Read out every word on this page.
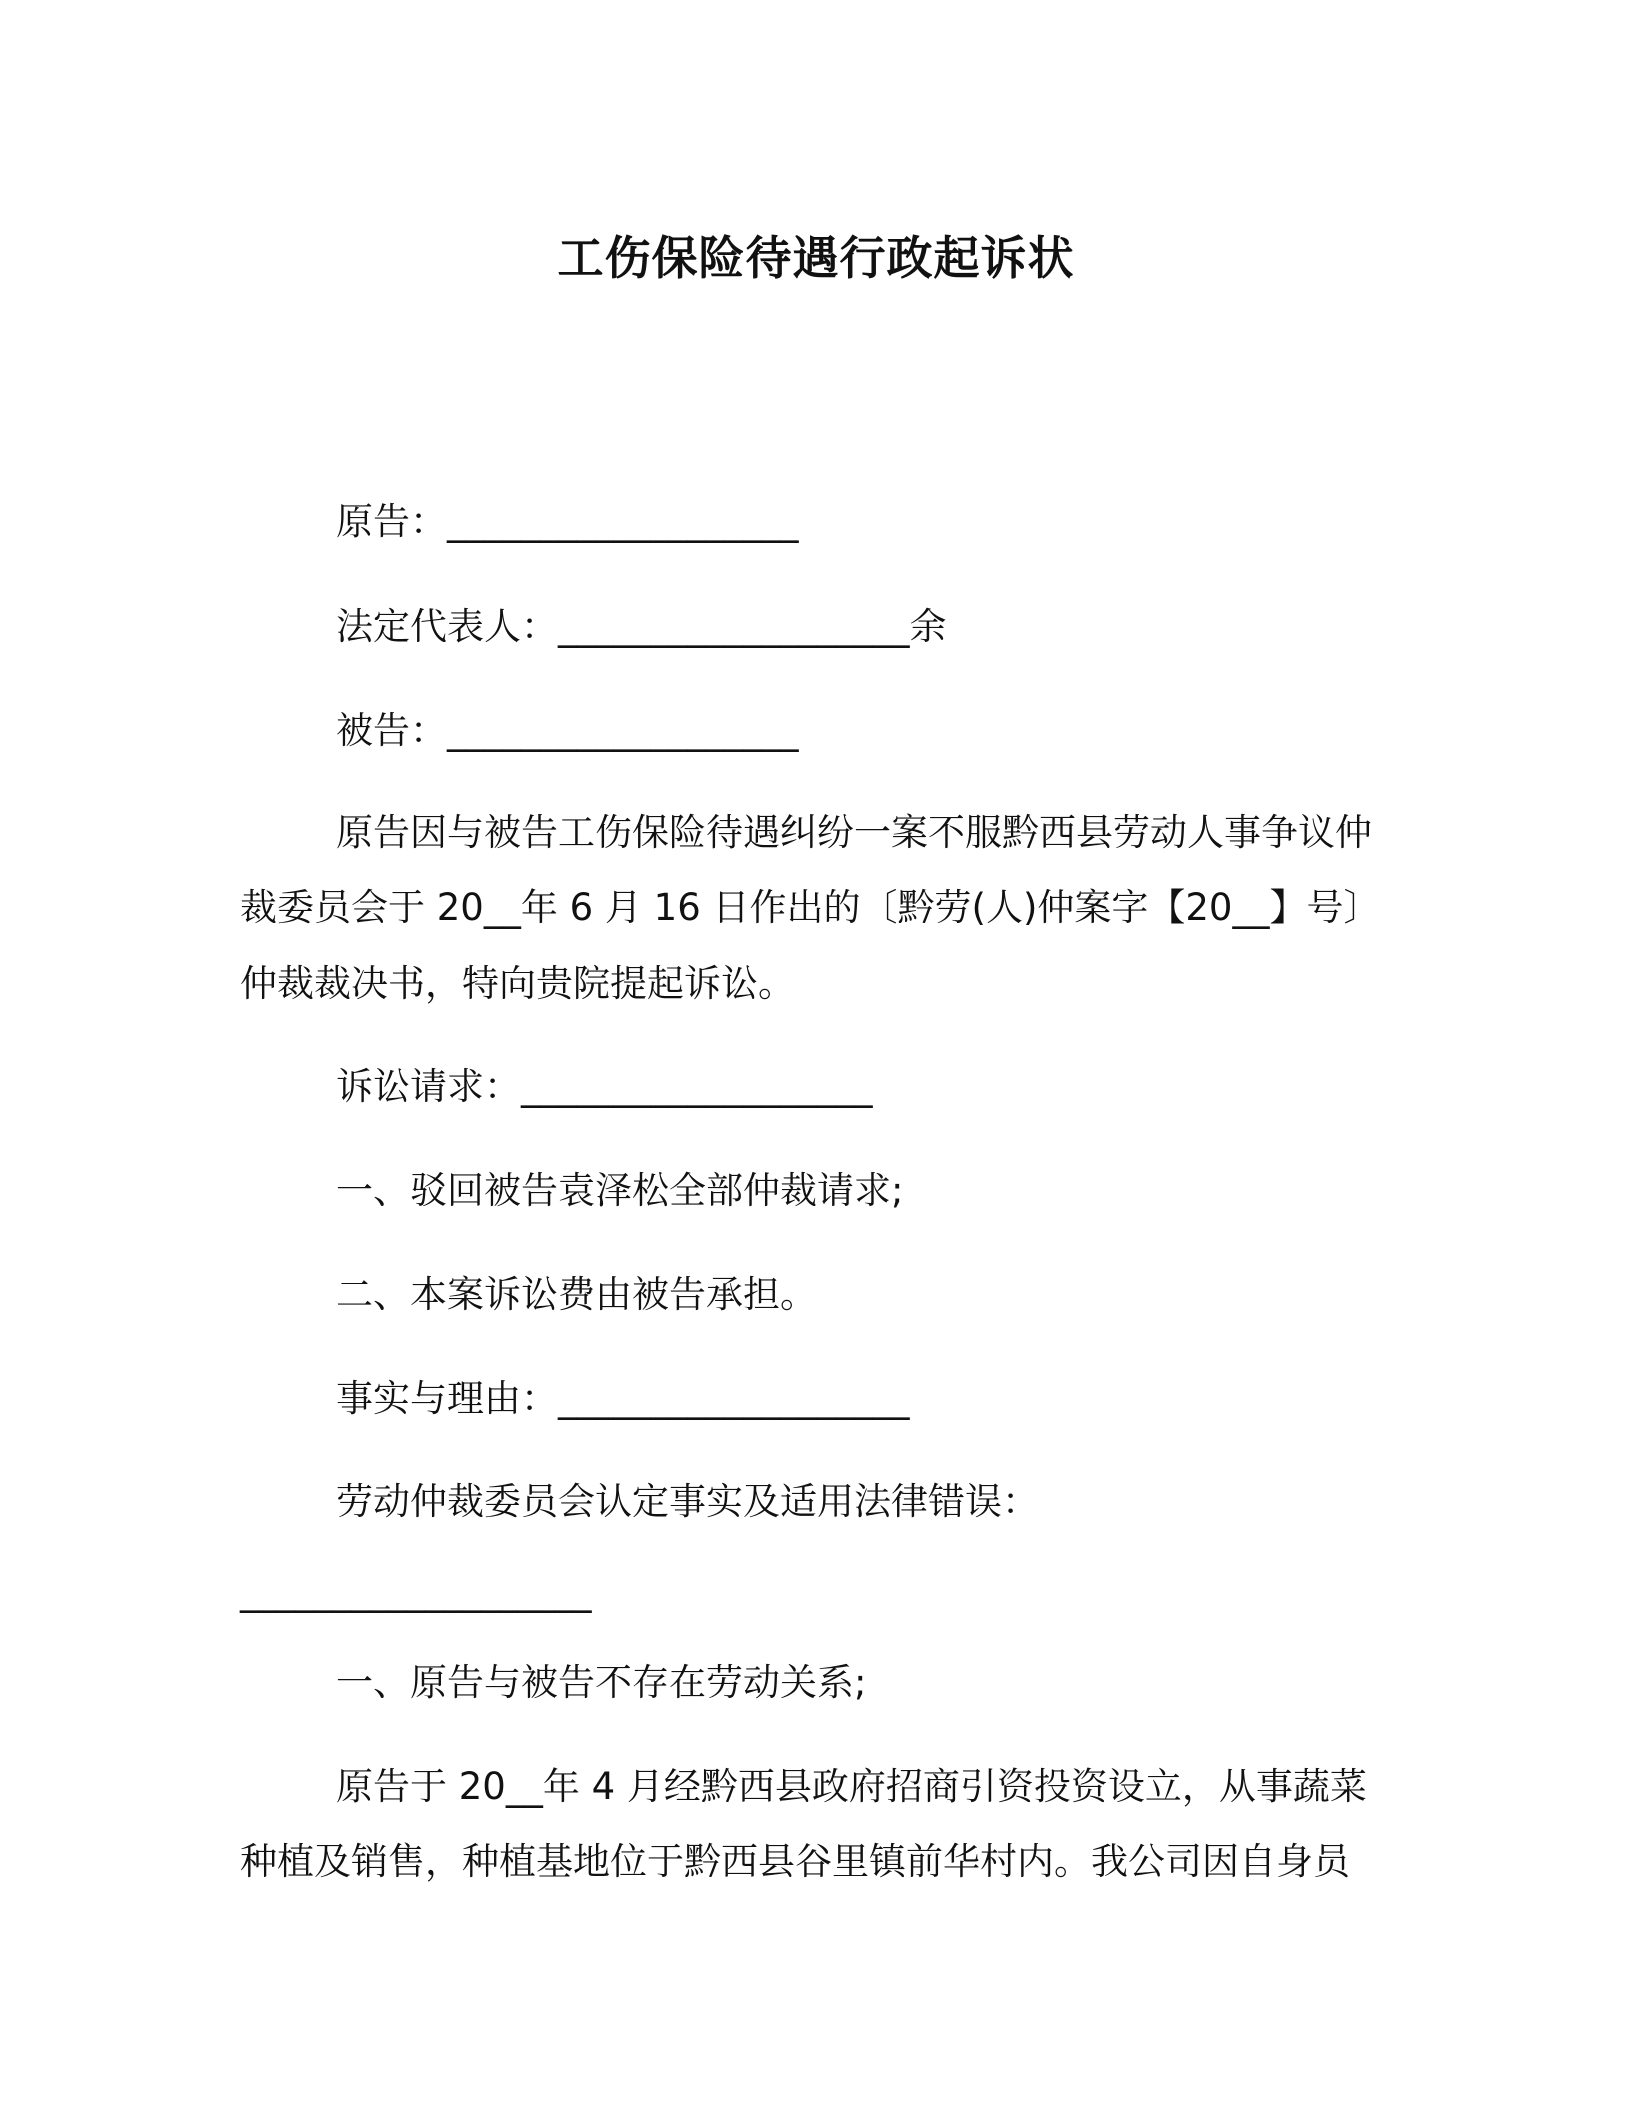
工伤保险待遇行政起诉状
原告：___________________
法定代表人：___________________余
被告：___________________
原告因与被告工伤保险待遇纠纷一案不服黔西县劳动人事争议仲
裁委员会于 20__年 6 月 16 日作出的〔黔劳(人)仲案字【20__】号〕
仲裁裁决书，特向贵院提起诉讼。
诉讼请求：___________________
一、驳回被告袁泽松全部仲裁请求;
二、本案诉讼费由被告承担。
事实与理由：___________________
劳动仲裁委员会认定事实及适用法律错误：
___________________
一、原告与被告不存在劳动关系;
原告于 20__年 4 月经黔西县政府招商引资投资设立，从事蔬菜
种植及销售，种植基地位于黔西县谷里镇前华村内。我公司因自身员
